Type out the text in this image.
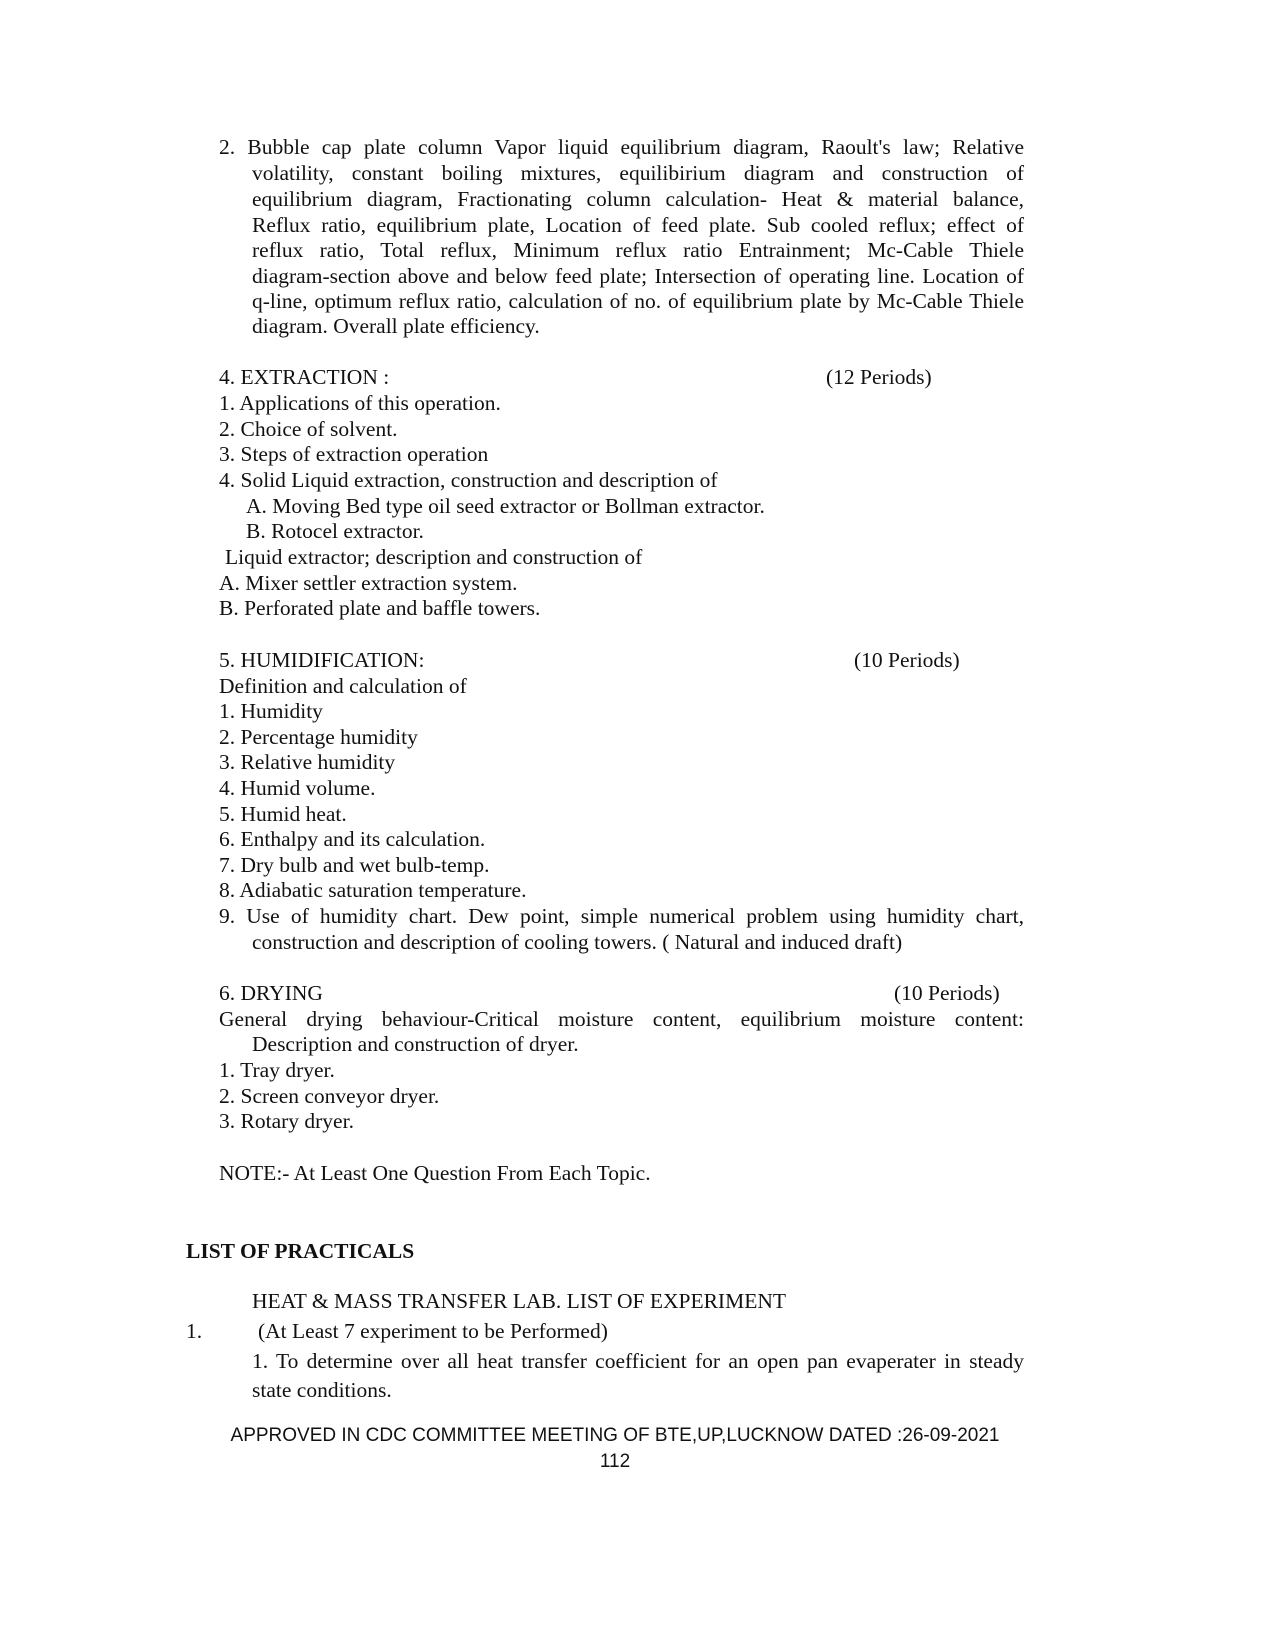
2. Bubble cap plate column Vapor liquid equilibrium diagram, Raoult's law; Relative
volatility, constant boiling mixtures, equilibirium diagram and construction of
equilibrium diagram, Fractionating column calculation- Heat & material balance,
Reflux ratio, equilibrium plate, Location of feed plate. Sub cooled reflux; effect of
reflux ratio, Total reflux, Minimum reflux ratio Entrainment; Mc-Cable Thiele
diagram-section above and below feed plate; Intersection of operating line. Location of
q-line, optimum reflux ratio, calculation of no. of equilibrium plate by Mc-Cable Thiele
diagram. Overall plate efficiency.
4. EXTRACTION :	(12 Periods)
1. Applications of this operation.
2. Choice of solvent.
3. Steps of extraction operation
4. Solid Liquid extraction, construction and description of
A. Moving Bed type oil seed extractor or Bollman extractor.
B. Rotocel extractor.
Liquid extractor; description and construction of
A. Mixer settler extraction system.
B. Perforated plate and baffle towers.
5. HUMIDIFICATION:	(10 Periods)
Definition and calculation of
1. Humidity
2. Percentage humidity
3. Relative humidity
4. Humid volume.
5. Humid heat.
6. Enthalpy and its calculation.
7. Dry bulb and wet bulb-temp.
8. Adiabatic saturation temperature.
9. Use of humidity chart. Dew point, simple numerical problem using humidity chart,
construction and description of cooling towers. ( Natural and induced draft)
6. DRYING	(10 Periods)
General drying behaviour-Critical moisture content, equilibrium moisture content:
Description and construction of dryer.
1. Tray dryer.
2. Screen conveyor dryer.
3. Rotary dryer.
NOTE:- At Least One Question From Each Topic.
LIST OF PRACTICALS
HEAT & MASS TRANSFER LAB. LIST OF EXPERIMENT
1.	(At Least 7 experiment to be Performed)
1. To determine over all heat transfer coefficient for an open pan evaperater in steady
state conditions.
APPROVED IN CDC COMMITTEE MEETING OF BTE,UP,LUCKNOW DATED :26-09-2021
112
